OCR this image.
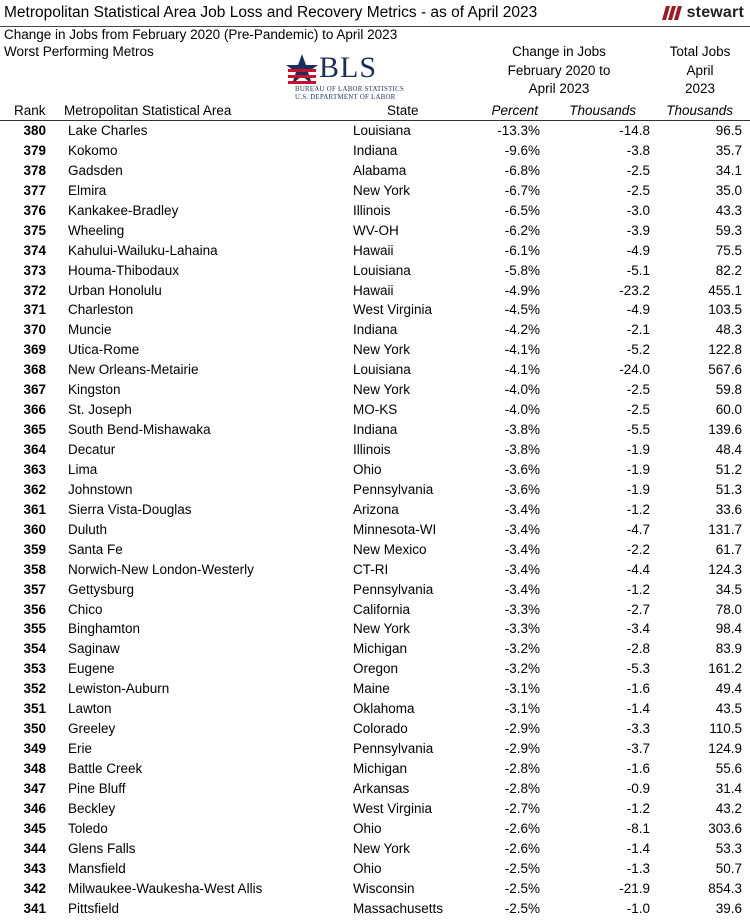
Metropolitan Statistical Area Job Loss and Recovery Metrics - as of April 2023	stewart
Change in Jobs from February 2020 (Pre-Pandemic) to April 2023
Worst Performing Metros	BLS
BUREAU OF LABOR STATISTICS
U.S. DEPARTMENT OF LABOR
Change in Jobs
February 2020 to
April 2023
Total Jobs
April
2023
Rank Metropolitan Statistical Area	State	Percent Thousands Thousands
380 Lake Charles	Louisiana	-13.3%	-14.8	96.5
379 Kokomo	Indiana	-9.6%	-3.8	35.7
378 Gadsden	Alabama	-6.8%	-2.5	34.1
377 Elmira	New York	-6.7%	-2.5	35.0
376 Kankakee-Bradley	Illinois	-6.5%	-3.0	43.3
375 Wheeling	WV-OH	-6.2%	-3.9	59.3
374 Kahului-Wailuku-Lahaina	Hawaii	-6.1%	-4.9	75.5
373 Houma-Thibodaux	Louisiana	-5.8%	-5.1	82.2
372 Urban Honolulu	Hawaii	-4.9%	-23.2	455.1
371 Charleston	West Virginia	-4.5%	-4.9	103.5
370 Muncie	Indiana	-4.2%	-2.1	48.3
369 Utica-Rome	New York	-4.1%	-5.2	122.8
368 New Orleans-Metairie	Louisiana	-4.1%	-24.0	567.6
367 Kingston	New York	-4.0%	-2.5	59.8
366 St. Joseph	MO-KS	-4.0%	-2.5	60.0
365 South Bend-Mishawaka	Indiana	-3.8%	-5.5	139.6
364 Decatur	Illinois	-3.8%	-1.9	48.4
363 Lima	Ohio	-3.6%	-1.9	51.2
362 Johnstown	Pennsylvania	-3.6%	-1.9	51.3
361 Sierra Vista-Douglas	Arizona	-3.4%	-1.2	33.6
360 Duluth	Minnesota-WI	-3.4%	-4.7	131.7
359 Santa Fe	New Mexico	-3.4%	-2.2	61.7
358 Norwich-New London-Westerly	CT-RI	-3.4%	-4.4	124.3
357 Gettysburg	Pennsylvania	-3.4%	-1.2	34.5
356 Chico	California	-3.3%	-2.7	78.0
355 Binghamton	New York	-3.3%	-3.4	98.4
354 Saginaw	Michigan	-3.2%	-2.8	83.9
353 Eugene	Oregon	-3.2%	-5.3	161.2
352 Lewiston-Auburn	Maine	-3.1%	-1.6	49.4
351 Lawton	Oklahoma	-3.1%	-1.4	43.5
350 Greeley	Colorado	-2.9%	-3.3	110.5
349 Erie	Pennsylvania	-2.9%	-3.7	124.9
348 Battle Creek	Michigan	-2.8%	-1.6	55.6
347 Pine Bluff	Arkansas	-2.8%	-0.9	31.4
346 Beckley	West Virginia	-2.7%	-1.2	43.2
345 Toledo	Ohio	-2.6%	-8.1	303.6
344 Glens Falls	New York	-2.6%	-1.4	53.3
343 Mansfield	Ohio	-2.5%	-1.3	50.7
342 Milwaukee-Waukesha-West Allis	Wisconsin	-2.5%	-21.9	854.3
341 Pittsfield	Massachusetts	-2.5%	-1.0	39.6
